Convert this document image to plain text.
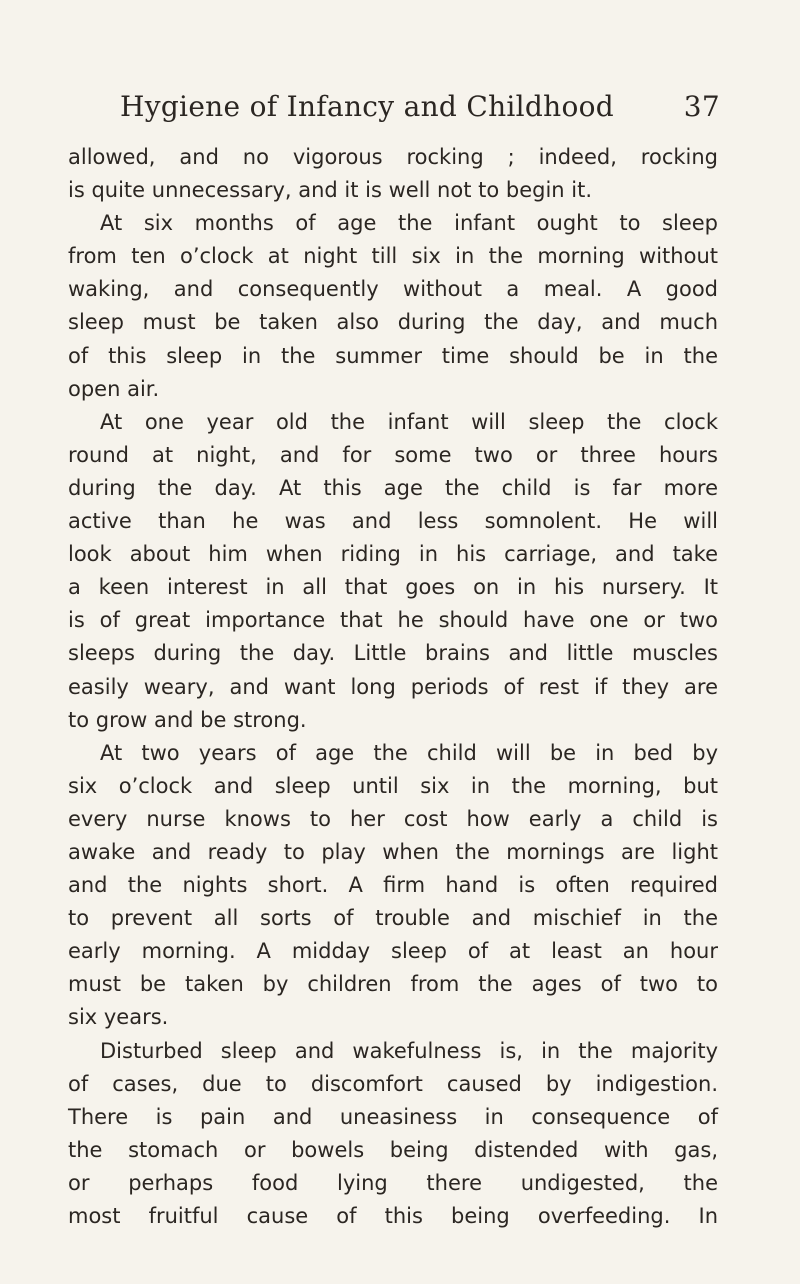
Hygiene of Infancy and Childhood 37
allowed, and no vigorous rocking ; indeed, rocking
is quite unnecessary, and it is well not to begin it.
At six months of age the infant ought to sleep
from ten o’clock at night till six in the morning without
waking, and consequently without a meal. A good
sleep must be taken also during the day, and much
of this sleep in the summer time should be in the
open air.
At one year old the infant will sleep the clock
round at night, and for some two or three hours
during the day. At this age the child is far more
active than he was and less somnolent. He will
look about him when riding in his carriage, and take
a keen interest in all that goes on in his nursery. It
is of great importance that he should have one or two
sleeps during the day. Little brains and little muscles
easily weary, and want long periods of rest if they are
to grow and be strong.
At two years of age the child will be in bed by
six o’clock and sleep until six in the morning, but
every nurse knows to her cost how early a child is
awake and ready to play when the mornings are light
and the nights short. A firm hand is often required
to prevent all sorts of trouble and mischief in the
early morning. A midday sleep of at least an hour
must be taken by children from the ages of two to
six years.
Disturbed sleep and wakefulness is, in the majority
of cases, due to discomfort caused by indigestion.
There is pain and uneasiness in consequence of
the stomach or bowels being distended with gas,
or perhaps food lying there undigested, the
most fruitful cause of this being overfeeding. In
